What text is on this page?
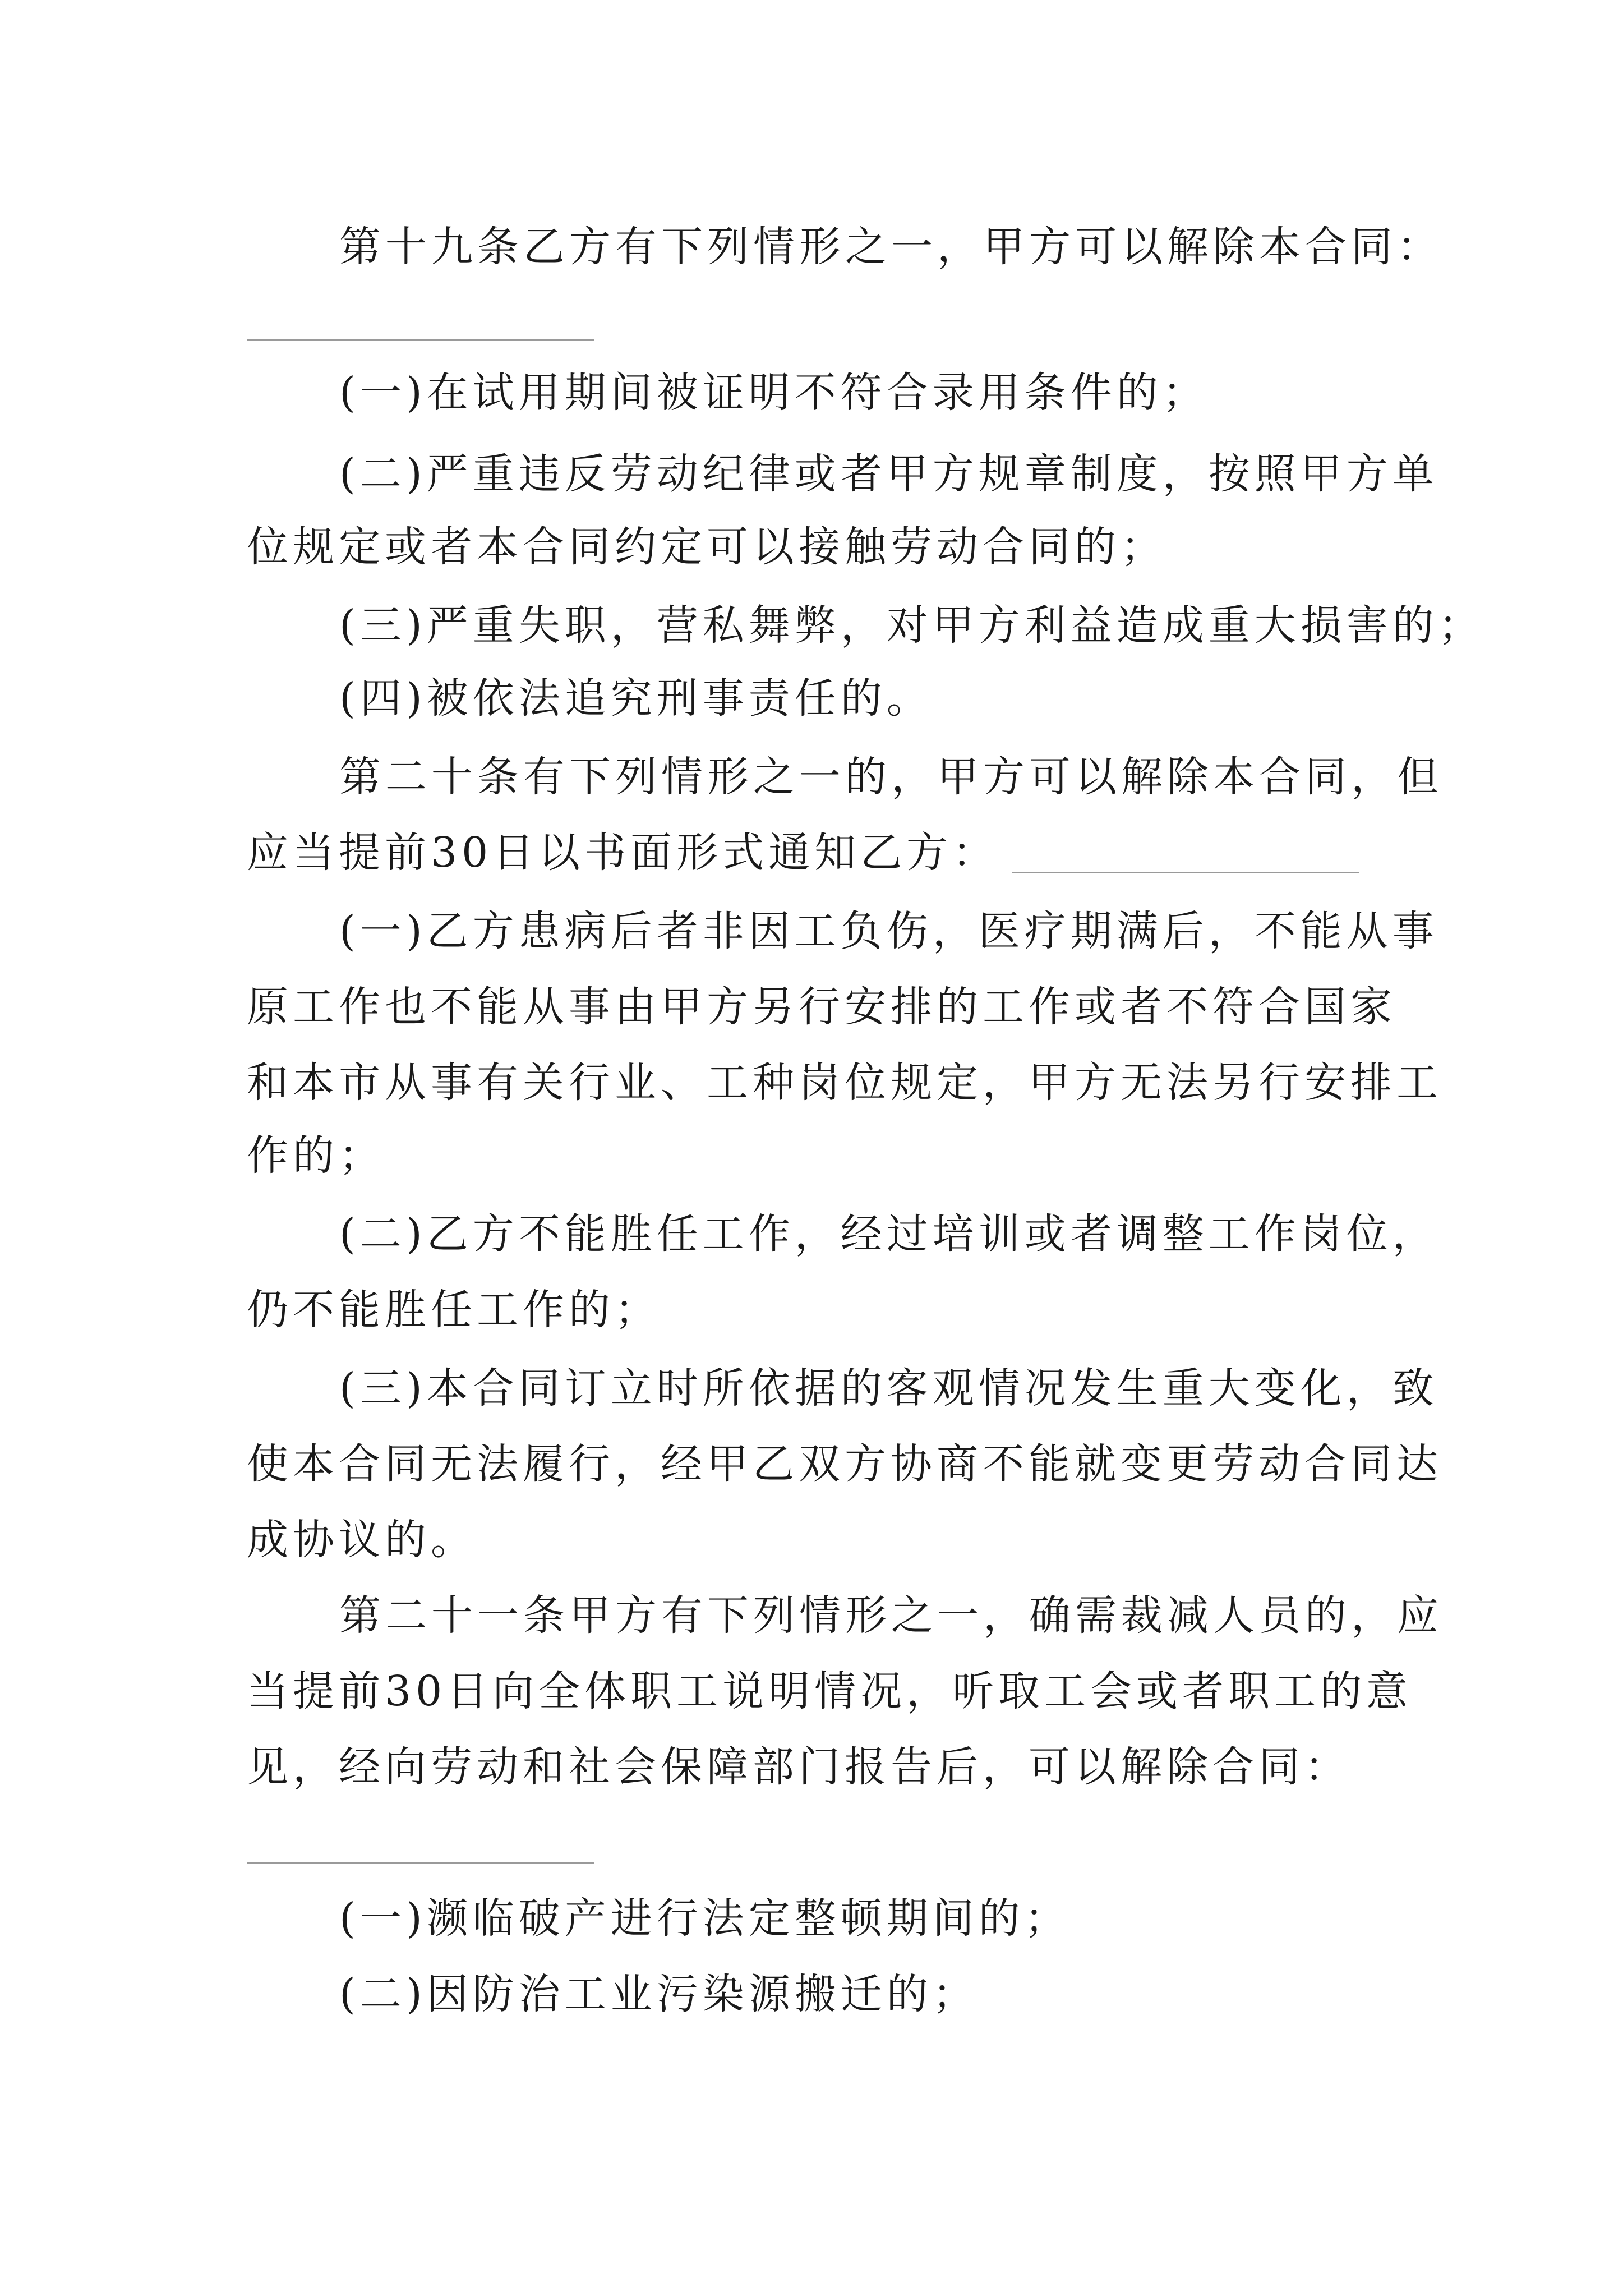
第十九条乙方有下列情形之一，甲方可以解除本合同：
(一)在试用期间被证明不符合录用条件的；
(二)严重违反劳动纪律或者甲方规章制度，按照甲方单
位规定或者本合同约定可以接触劳动合同的；
(三)严重失职，营私舞弊，对甲方利益造成重大损害的；
(四)被依法追究刑事责任的。
第二十条有下列情形之一的，甲方可以解除本合同，但
应当提前30日以书面形式通知乙方：
(一)乙方患病后者非因工负伤，医疗期满后，不能从事
原工作也不能从事由甲方另行安排的工作或者不符合国家
和本市从事有关行业、工种岗位规定，甲方无法另行安排工
作的；
(二)乙方不能胜任工作，经过培训或者调整工作岗位，
仍不能胜任工作的；
(三)本合同订立时所依据的客观情况发生重大变化，致
使本合同无法履行，经甲乙双方协商不能就变更劳动合同达
成协议的。
第二十一条甲方有下列情形之一，确需裁减人员的，应
当提前30日向全体职工说明情况，听取工会或者职工的意
见，经向劳动和社会保障部门报告后，可以解除合同：
(一)濒临破产进行法定整顿期间的；
(二)因防治工业污染源搬迁的；
